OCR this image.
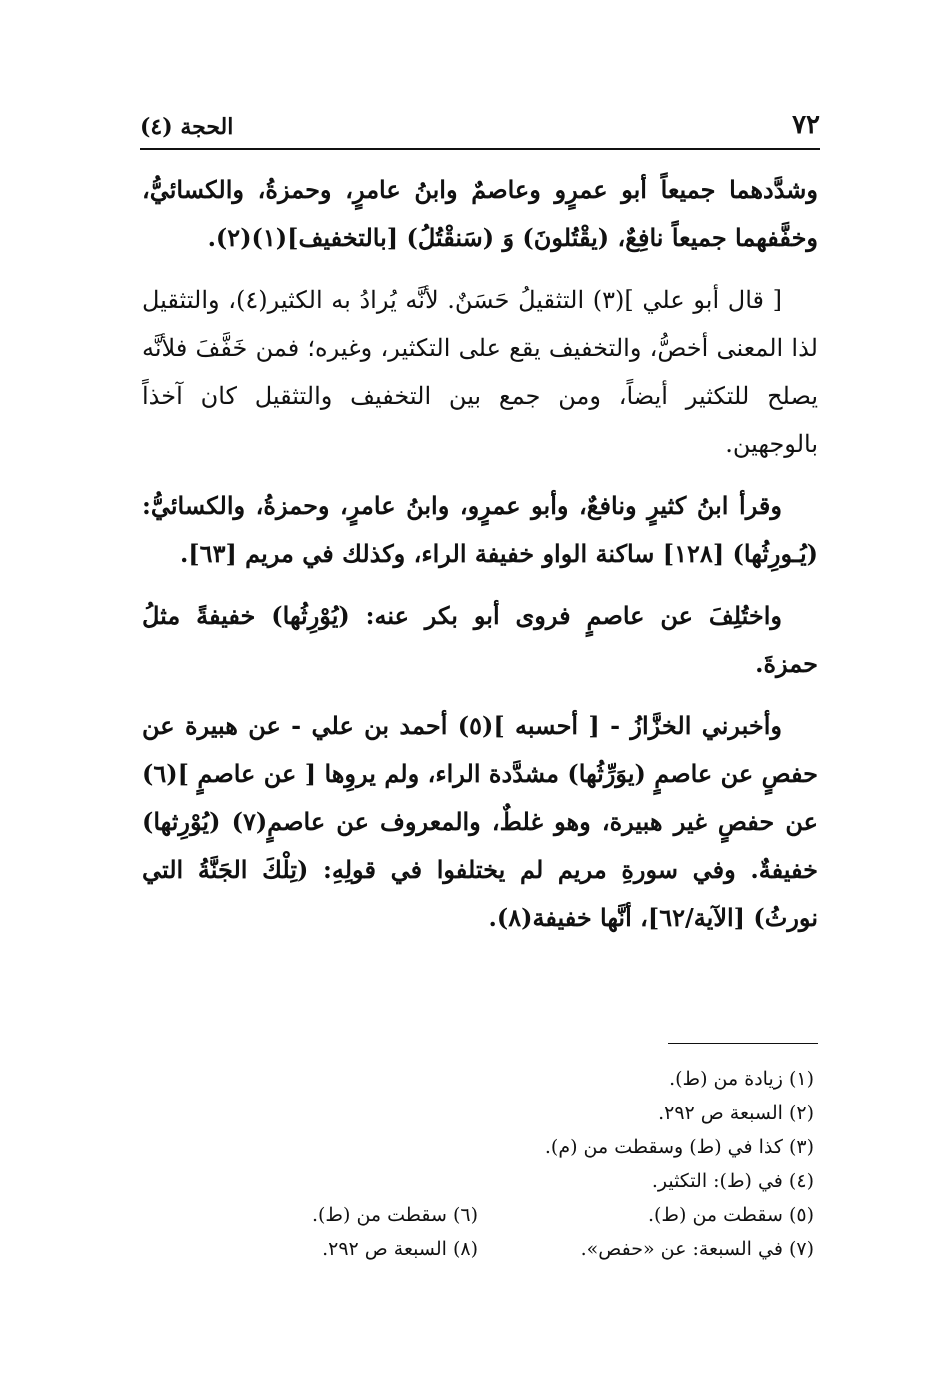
٧٢
الحجة (٤)

وشدَّدهما جميعاً أبو عمرٍو وعاصمٌ وابنُ عامرٍ، وحمزةُ، والكسائيُّ، وخفَّفهما جميعاً نافِعٌ، (يقْتُلونَ) وَ (سَنقْتُلُ) [بالتخفيف](١)(٢).

[ قال أبو علي ](٣) التثقيلُ حَسَنٌ. لأنَّه يُرادُ به الكثير(٤)، والتثقيل لذا المعنى أخصُّ، والتخفيف يقع على التكثير، وغيره؛ فمن خَفَّفَ فلأنَّه يصلح للتكثير أيضاً، ومن جمع بين التخفيف والتثقيل كان آخذاً بالوجهين.

وقرأ ابنُ كثيرٍ ونافعٌ، وأبو عمرٍو، وابنُ عامرٍ، وحمزةُ، والكسائيُّ: (يُـورِثُها) [١٢٨] ساكنة الواو خفيفة الراء، وكذلك في مريم [٦٣].

واختُلِفَ عن عاصمٍ فروى أبو بكر عنه: (يُوْرِثُها) خفيفةً مثلُ حمزةَ.

وأخبرني الخزَّازُ - [ أحسبه ](٥) أحمد بن علي - عن هبيرة عن حفصٍ عن عاصمٍ (يوَرِّثُها) مشدَّدة الراء، ولم يروِها [ عن عاصمٍ ](٦) عن حفصٍ غير هبيرة، وهو غلطٌ، والمعروف عن عاصمٍ(٧) (يُوْرِثها) خفيفةٌ. وفي سورةِ مريم لم يختلفوا في قولِهِ: (تِلْكَ الجَنَّةُ التي نورثُ) [الآية/٦٢]، أنَّها خفيفة(٨).

(١) زيادة من (ط).
(٢) السبعة ص ٢٩٢.
(٣) كذا في (ط) وسقطت من (م).
(٤) في (ط): التكثير.
(٥) سقطت من (ط).
(٦) سقطت من (ط).
(٧) في السبعة: عن «حفص».
(٨) السبعة ص ٢٩٢.
